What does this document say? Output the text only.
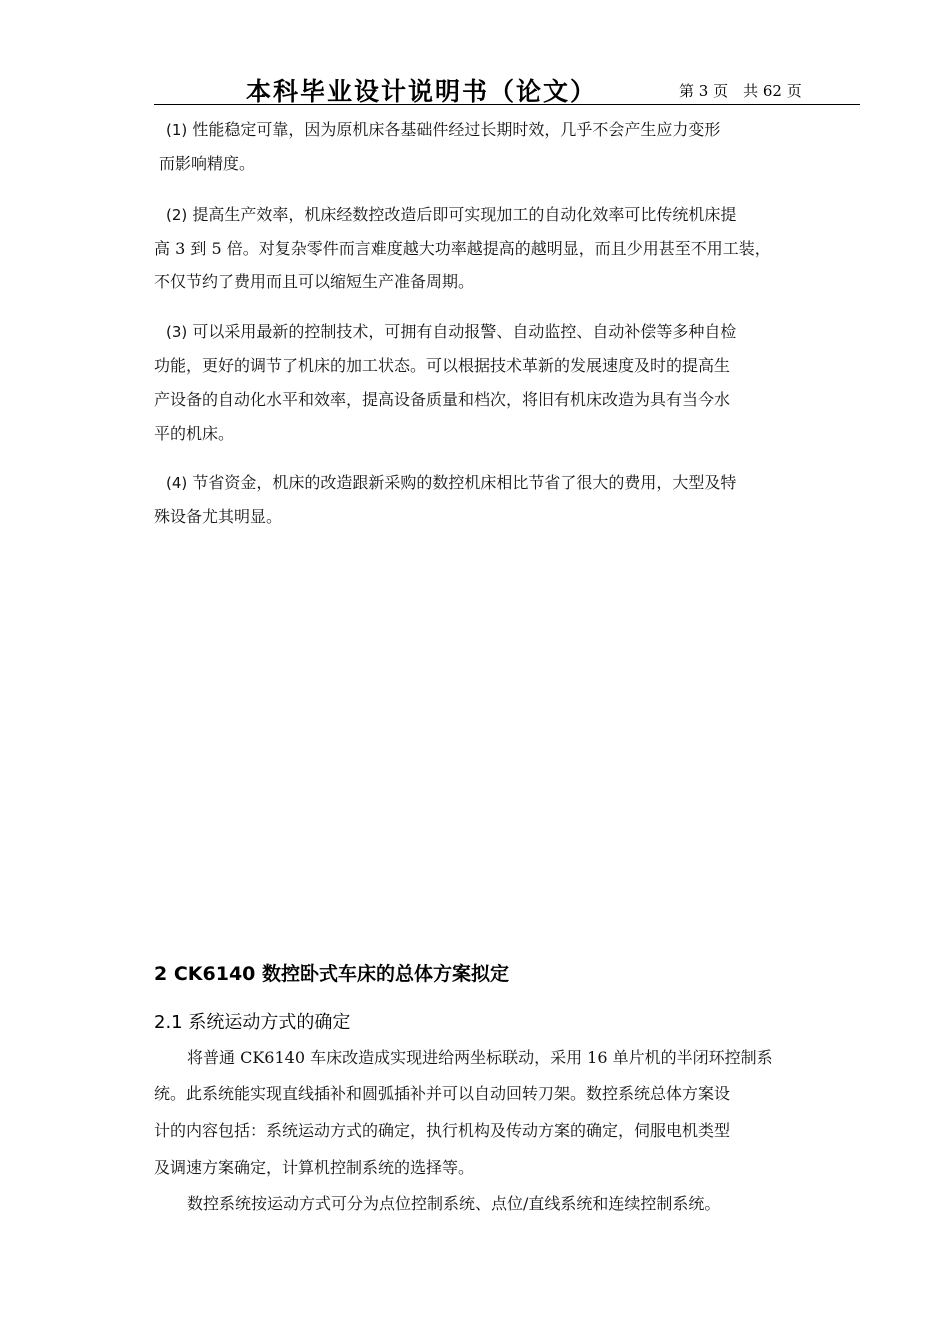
本科毕业设计说明书（论文）	第 3 页　共 62 页
(1) 性能稳定可靠，因为原机床各基础件经过长期时效，几乎不会产生应力变形
而影响精度。
(2) 提高生产效率，机床经数控改造后即可实现加工的自动化效率可比传统机床提
高 3 到 5 倍。对复杂零件而言难度越大功率越提高的越明显，而且少用甚至不用工装，
不仅节约了费用而且可以缩短生产准备周期。
(3) 可以采用最新的控制技术，可拥有自动报警、自动监控、自动补偿等多种自检
功能，更好的调节了机床的加工状态。可以根据技术革新的发展速度及时的提高生
产设备的自动化水平和效率，提高设备质量和档次，将旧有机床改造为具有当今水
平的机床。
(4) 节省资金，机床的改造跟新采购的数控机床相比节省了很大的费用，大型及特
殊设备尤其明显。
2 CK6140 数控卧式车床的总体方案拟定
2.1 系统运动方式的确定
将普通 CK6140 车床改造成实现进给两坐标联动，采用 16 单片机的半闭环控制系
统。此系统能实现直线插补和圆弧插补并可以自动回转刀架。数控系统总体方案设
计的内容包括：系统运动方式的确定，执行机构及传动方案的确定，伺服电机类型
及调速方案确定，计算机控制系统的选择等。
数控系统按运动方式可分为点位控制系统、点位/直线系统和连续控制系统。
